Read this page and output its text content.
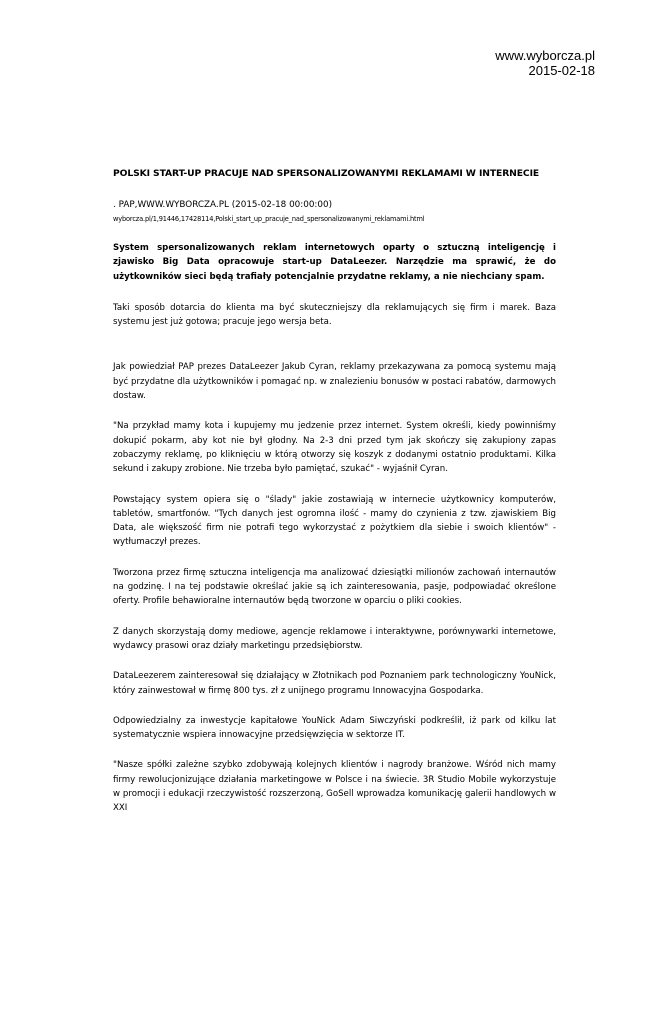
www.wyborcza.pl
2015-02-18
POLSKI START-UP PRACUJE NAD SPERSONALIZOWANYMI REKLAMAMI W INTERNECIE
. PAP,WWW.WYBORCZA.PL (2015-02-18 00:00:00)
wyborcza.pl/1,91446,17428114,Polski_start_up_pracuje_nad_spersonalizowanymi_reklamami.html
System spersonalizowanych reklam internetowych oparty o sztuczną inteligencję i zjawisko Big Data opracowuje start-up DataLeezer. Narzędzie ma sprawić, że do użytkowników sieci będą trafiały potencjalnie przydatne reklamy, a nie niechciany spam.
Taki sposób dotarcia do klienta ma być skuteczniejszy dla reklamujących się firm i marek. Baza systemu jest już gotowa; pracuje jego wersja beta.
Jak powiedział PAP prezes DataLeezer Jakub Cyran, reklamy przekazywana za pomocą systemu mają być przydatne dla użytkowników i pomagać np. w znalezieniu bonusów w postaci rabatów, darmowych dostaw.
"Na przykład mamy kota i kupujemy mu jedzenie przez internet. System określi, kiedy powinniśmy dokupić pokarm, aby kot nie był głodny. Na 2-3 dni przed tym jak skończy się zakupiony zapas zobaczymy reklamę, po kliknięciu w którą otworzy się koszyk z dodanymi ostatnio produktami. Kilka sekund i zakupy zrobione. Nie trzeba było pamiętać, szukać" - wyjaśnił Cyran.
Powstający system opiera się o "ślady" jakie zostawiają w internecie użytkownicy komputerów, tabletów, smartfonów. "Tych danych jest ogromna ilość - mamy do czynienia z tzw. zjawiskiem Big Data, ale większość firm nie potrafi tego wykorzystać z pożytkiem dla siebie i swoich klientów" - wytłumaczył prezes.
Tworzona przez firmę sztuczna inteligencja ma analizować dziesiątki milionów zachowań internautów na godzinę. I na tej podstawie określać jakie są ich zainteresowania, pasje, podpowiadać określone oferty. Profile behawioralne internautów będą tworzone w oparciu o pliki cookies.
Z danych skorzystają domy mediowe, agencje reklamowe i interaktywne, porównywarki internetowe, wydawcy prasowi oraz działy marketingu przedsiębiorstw.
DataLeezerem zainteresował się działający w Złotnikach pod Poznaniem park technologiczny YouNick, który zainwestował w firmę 800 tys. zł z unijnego programu Innowacyjna Gospodarka.
Odpowiedzialny za inwestycje kapitałowe YouNick Adam Siwczyński podkreślił, iż park od kilku lat systematycznie wspiera innowacyjne przedsięwzięcia w sektorze IT.
"Nasze spółki zależne szybko zdobywają kolejnych klientów i nagrody branżowe. Wśród nich mamy firmy rewolucjonizujące działania marketingowe w Polsce i na świecie. 3R Studio Mobile wykorzystuje w promocji i edukacji rzeczywistość rozszerzoną, GoSell wprowadza komunikację galerii handlowych w XXI
